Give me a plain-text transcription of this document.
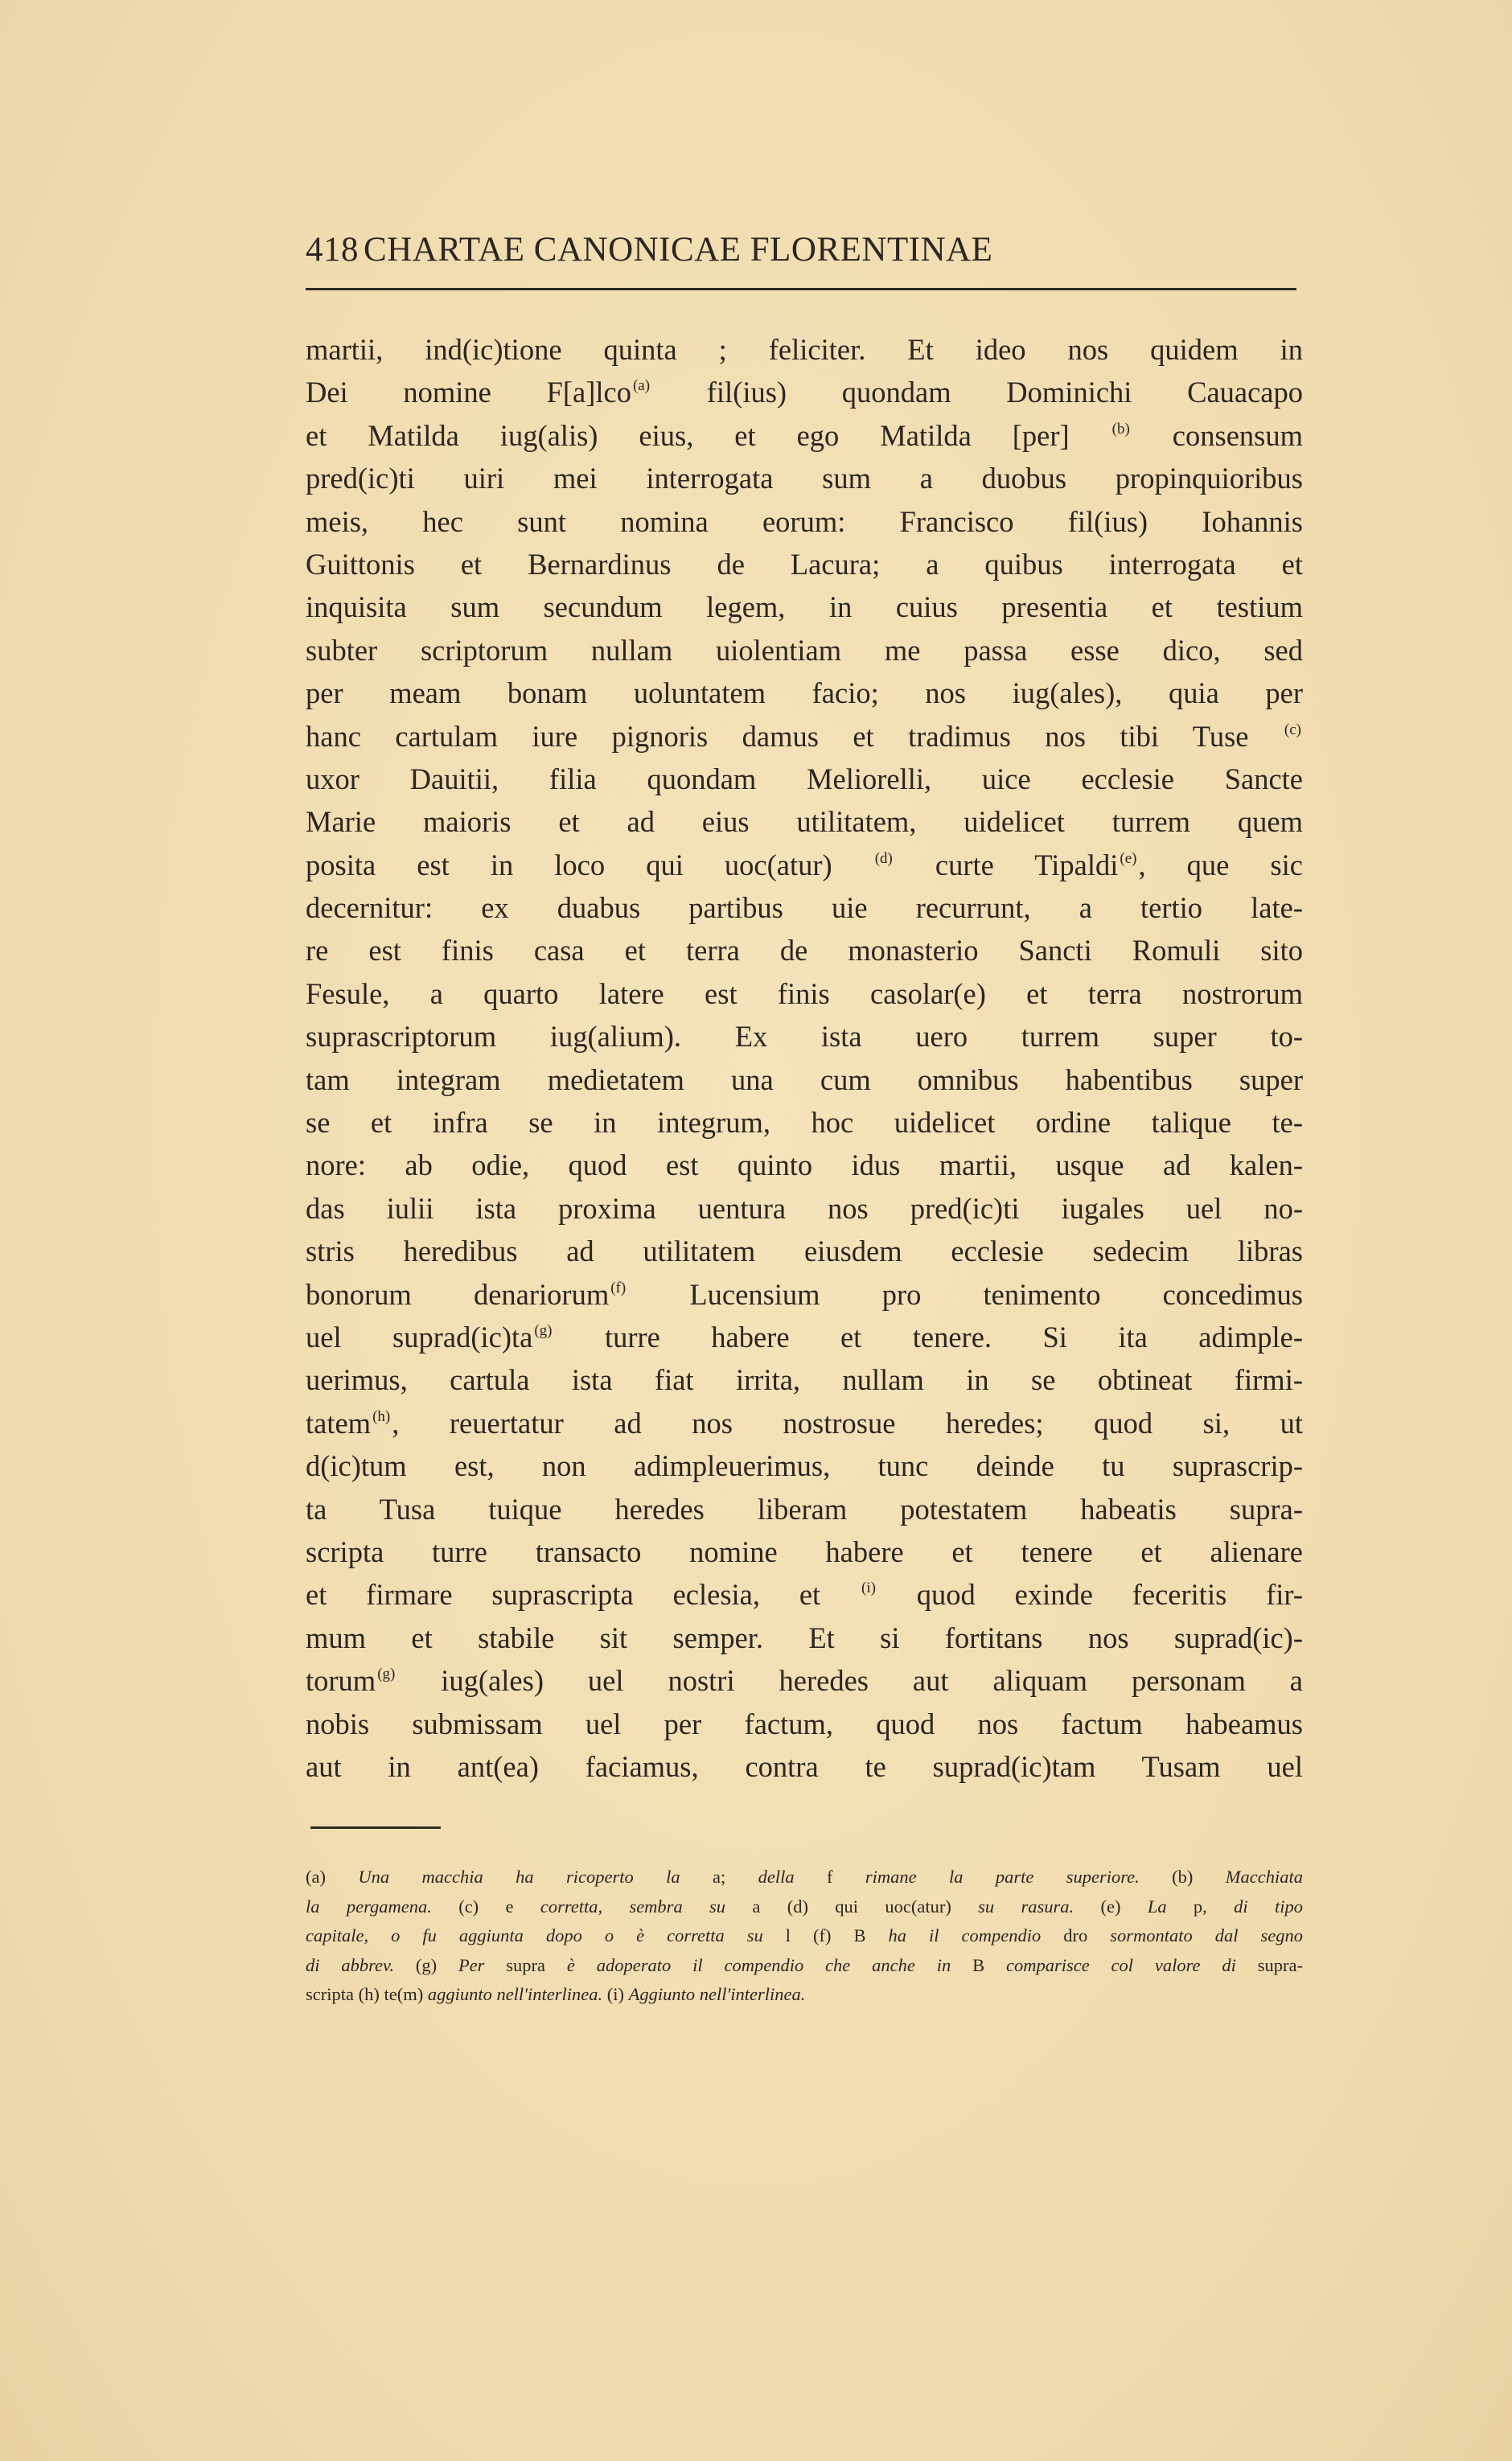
418 CHARTAE CANONICAE FLORENTINAE
martii, ind(ic)tione quinta ; feliciter. Et ideo nos quidem in
Dei nomine F[a]lco $^{(a)}$ fil(ius) quondam Dominichi Cauacapo
et Matilda iug(alis) eius, et ego Matilda [per] $^{(b)}$ consensum
pred(ic)ti uiri mei interrogata sum a duobus propinquioribus
meis, hec sunt nomina eorum: Francisco fil(ius) Iohannis
Guittonis et Bernardinus de Lacura; a quibus interrogata et
inquisita sum secundum legem, in cuius presentia et testium
subter scriptorum nullam uiolentiam me passa esse dico, sed
per meam bonam uoluntatem facio; nos iug(ales), quia per
hanc cartulam iure pignoris damus et tradimus nos tibi Tuse $^{(c)}$
uxor Dauitii, filia quondam Meliorelli, uice ecclesie Sancte
Marie maioris et ad eius utilitatem, uidelicet turrem quem
posita est in loco qui uoc(atur) $^{(d)}$ curte Tipaldi $^{(e)}$, que sic
decernitur: ex duabus partibus uie recurrunt, a tertio late-
re est finis casa et terra de monasterio Sancti Romuli sito
Fesule, a quarto latere est finis casolar(e) et terra nostrorum
suprascriptorum iug(alium). Ex ista uero turrem super to-
tam integram medietatem una cum omnibus habentibus super
se et infra se in integrum, hoc uidelicet ordine talique te-
nore: ab odie, quod est quinto idus martii, usque ad kalen-
das iulii ista proxima uentura nos pred(ic)ti iugales uel no-
stris heredibus ad utilitatem eiusdem ecclesie sedecim libras
bonorum denariorum $^{(f)}$ Lucensium pro tenimento concedimus
uel suprad(ic)ta $^{(g)}$ turre habere et tenere. Si ita adimple-
uerimus, cartula ista fiat irrita, nullam in se obtineat firmi-
tatem $^{(h)}$, reuertatur ad nos nostrosue heredes; quod si, ut
d(ic)tum est, non adimpleuerimus, tunc deinde tu suprascrip-
ta Tusa tuique heredes liberam potestatem habeatis supra-
scripta turre transacto nomine habere et tenere et alienare
et firmare suprascripta eclesia, et $^{(i)}$ quod exinde feceritis fir-
mum et stabile sit semper. Et si fortitans nos suprad(ic)-
torum $^{(g)}$ iug(ales) uel nostri heredes aut aliquam personam a
nobis submissam uel per factum, quod nos factum habeamus
aut in ant(ea) faciamus, contra te suprad(ic)tam Tusam uel
(a) Una macchia ha ricoperto la a; della f rimane la parte superiore. (b) Macchiata
la pergamena. (c) e corretta, sembra su a (d) qui uoc(atur) su rasura. (e) La p, di tipo
capitale, o fu aggiunta dopo o è corretta su l (f) B ha il compendio dro sormontato dal segno
di abbrev. (g) Per supra è adoperato il compendio che anche in B comparisce col valore di supra-
scripta (h) te(m) aggiunto nell'interlinea. (i) Aggiunto nell'interlinea.
